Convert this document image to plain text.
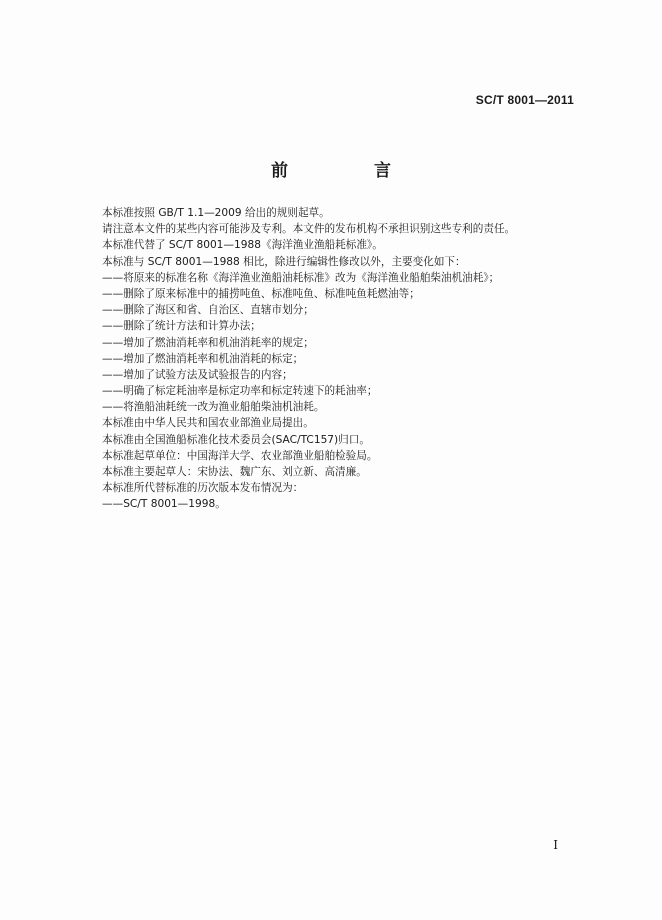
SC/T 8001—2011
前 言
本标准按照 GB/T 1.1—2009 给出的规则起草。
请注意本文件的某些内容可能涉及专利。本文件的发布机构不承担识别这些专利的责任。
本标准代替了 SC/T 8001—1988《海洋渔业渔船耗标准》。
本标准与 SC/T 8001—1988 相比，除进行编辑性修改以外，主要变化如下：
——将原来的标准名称《海洋渔业渔船油耗标准》改为《海洋渔业船舶柴油机油耗》；
——删除了原来标准中的捕捞吨鱼、标准吨鱼、标准吨鱼耗燃油等；
——删除了海区和省、自治区、直辖市划分；
——删除了统计方法和计算办法；
——增加了燃油消耗率和机油消耗率的规定；
——增加了燃油消耗率和机油消耗的标定；
——增加了试验方法及试验报告的内容；
——明确了标定耗油率是标定功率和标定转速下的耗油率；
——将渔船油耗统一改为渔业船舶柴油机油耗。
本标准由中华人民共和国农业部渔业局提出。
本标准由全国渔船标准化技术委员会(SAC/TC157)归口。
本标准起草单位：中国海洋大学、农业部渔业船舶检验局。
本标准主要起草人：宋协法、魏广东、刘立新、高清廉。
本标准所代替标准的历次版本发布情况为：
——SC/T 8001—1998。
I
